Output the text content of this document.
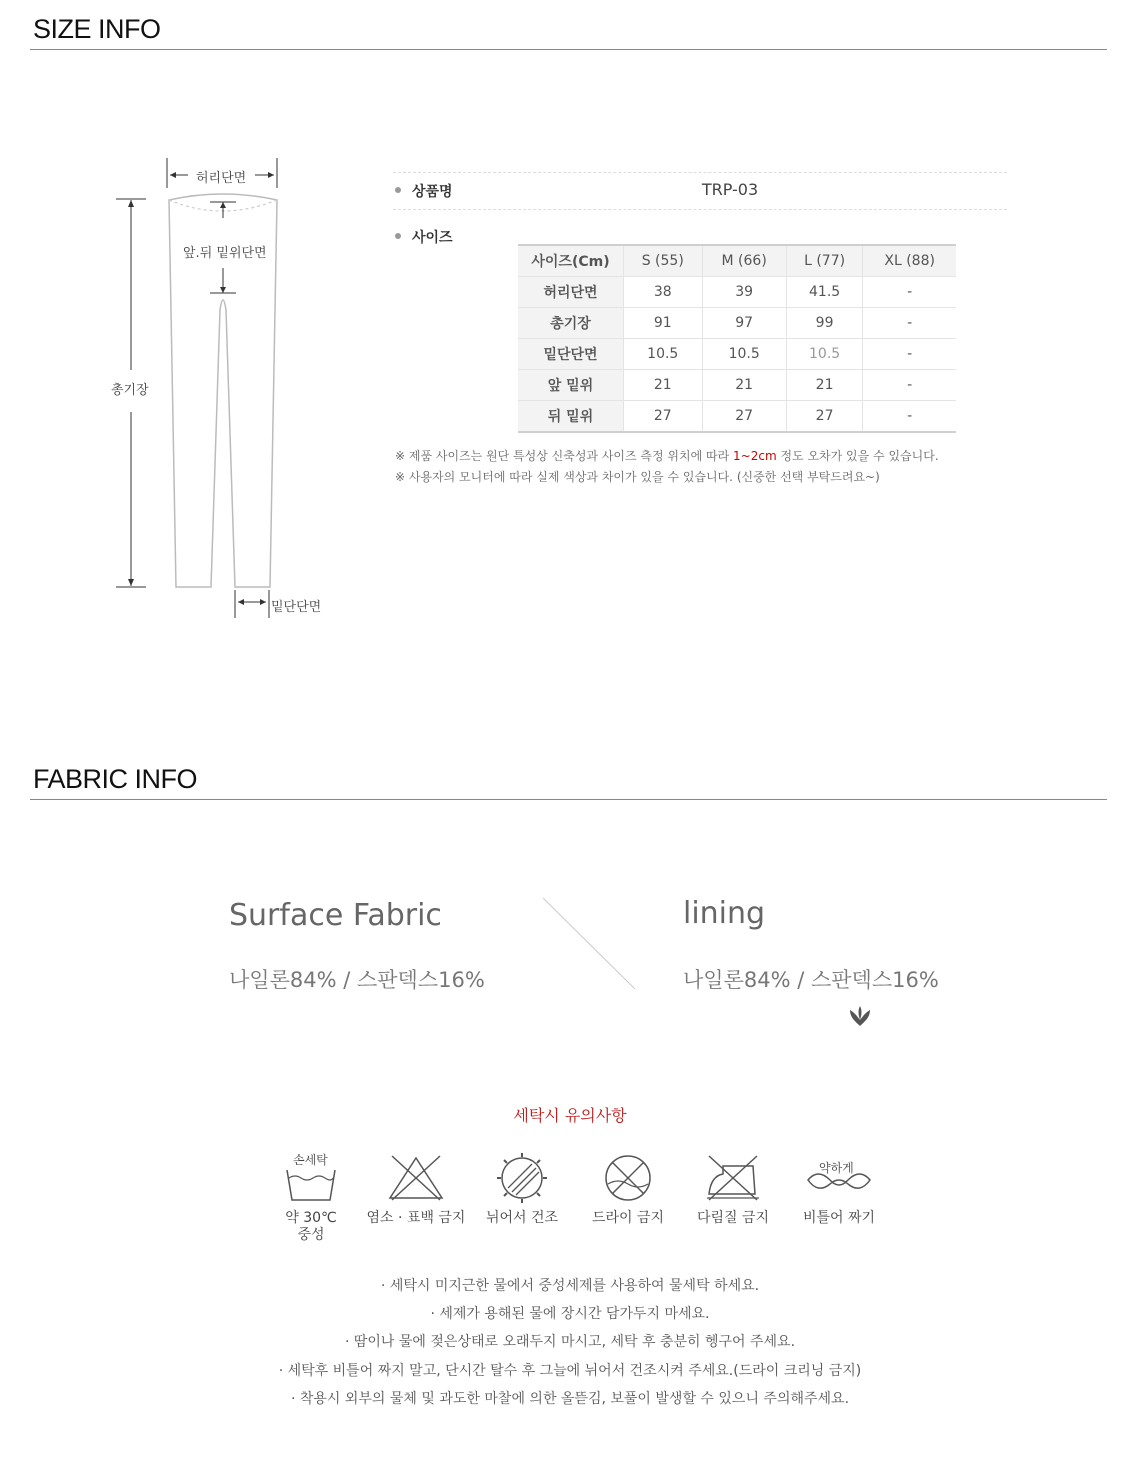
SIZE INFO
허리단면
앞.뒤 밑위단면
총기장
밑단단면
상품명	TRP-03
사이즈
사이즈(Cm)	S (55)	M (66)	L (77)	XL (88)
허리단면	38	39	41.5	-
총기장	91	97	99	-
밑단단면	10.5	10.5	10.5	-
앞 밑위	21	21	21	-
뒤 밑위	27	27	27	-
※ 제품 사이즈는 원단 특성상 신축성과 사이즈 측정 위치에 따라 1~2cm 정도 오차가 있을 수 있습니다.
※ 사용자의 모니터에 따라 실제 색상과 차이가 있을 수 있습니다. (신중한 선택 부탁드려요~)
FABRIC INFO
Surface Fabric
나일론84% / 스판덱스16%
lining
나일론84% / 스판덱스16%
세탁시 유의사항
약 30℃
중성
손세탁
염소 · 표백 금지	뉘어서 건조	드라이 금지	다림질 금지	비틀어 짜기
약하게
· 세탁시 미지근한 물에서 중성세제를 사용하여 물세탁 하세요.
· 세제가 용해된 물에 장시간 담가두지 마세요.
· 땀이나 물에 젖은상태로 오래두지 마시고, 세탁 후 충분히 헹구어 주세요.
· 세탁후 비틀어 짜지 말고, 단시간 탈수 후 그늘에 뉘어서 건조시켜 주세요.(드라이 크리닝 금지)
· 착용시 외부의 물체 및 과도한 마찰에 의한 올뜯김, 보풀이 발생할 수 있으니 주의해주세요.
